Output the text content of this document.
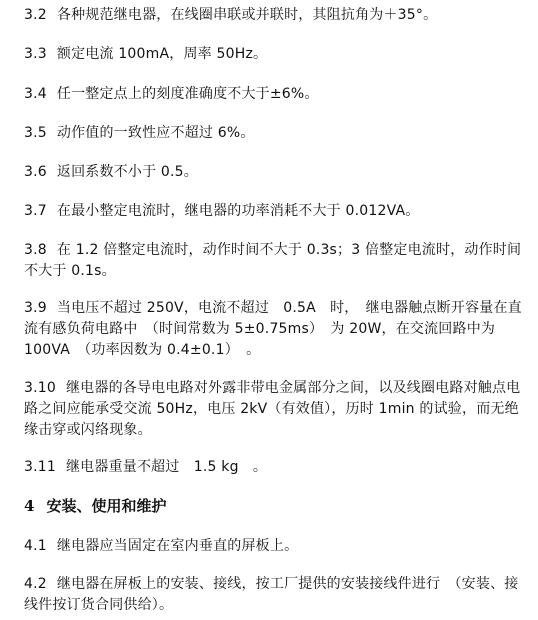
3.2 各种规范继电器，在线圈串联或并联时，其阻抗角为＋35°。
3.3 额定电流 100mA，周率 50Hz。
3.4 任一整定点上的刻度准确度不大于±6%。
3.5 动作值的一致性应不超过 6%。
3.6 返回系数不小于 0.5。
3.7 在最小整定电流时，继电器的功率消耗不大于 0.012VA。
3.8 在 1.2 倍整定电流时，动作时间不大于 0.3s；3 倍整定电流时，动作时间不大于 0.1s。
3.9 当电压不超过 250V，电流不超过　0.5A　时，　继电器触点断开容量在直流有感负荷电路中　（时间常数为 5±0.75ms）　为 20W，在交流回路中为 100VA　（功率因数为 0.4±0.1）　。
3.10 继电器的各导电电路对外露非带电金属部分之间，以及线圈电路对触点电路之间应能承受交流 50Hz，电压 2kV（有效值），历时 1min 的试验，而无绝缘击穿或闪络现象。
3.11 继电器重量不超过　1.5 kg　。
4 安装、使用和维护
4.1 继电器应当固定在室内垂直的屏板上。
4.2 继电器在屏板上的安装、接线，按工厂提供的安装接线件进行　（安装、接线件按订货合同供给）。
